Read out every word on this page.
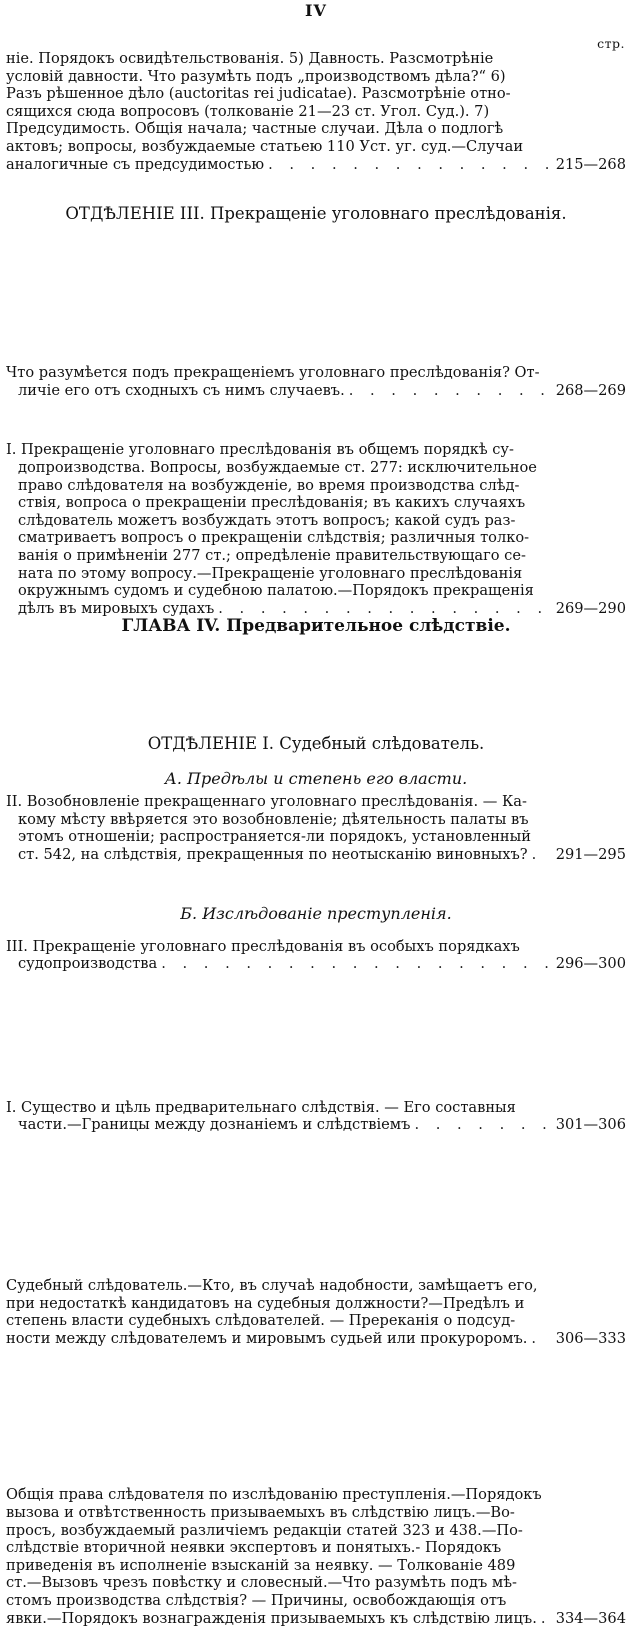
IV
стр.
ніе. Порядокъ освидѣтельствованія. 5) Давность. Разсмотрѣніе
условій давности. Что разумѣть подъ „производствомъ дѣла?“ 6)
Разъ рѣшенное дѣло (auctoritas rei judicatae). Разсмотрѣніе отно-
сящихся сюда вопросовъ (толкованіе 21—23 ст. Угол. Суд.). 7)
Предсудимость. Общія начала; частные случаи. Дѣла о подлогѣ
актовъ; вопросы, возбуждаемые статьею 110 Уст. уг. суд.—Случаи
аналогичные съ предсудимостью . . .	215—268
ОТДѢЛЕНІЕ III. Прекращеніе уголовнаго преслѣдованія.
Что разумѣется подъ прекращеніемъ уголовнаго преслѣдованія? От-
личіе его отъ сходныхъ съ нимъ случаевъ. . . .	268—269
I. Прекращеніе уголовнаго преслѣдованія въ общемъ порядкѣ су-
допроизводства. Вопросы, возбуждаемые ст. 277: исключительное
право слѣдователя на возбужденіе, во время производства слѣд-
ствія, вопроса о прекращеніи преслѣдованія; въ какихъ случаяхъ
слѣдователь можетъ возбуждать этотъ вопросъ; какой судъ раз-
сматриваетъ вопросъ о прекращеніи слѣдствія; различныя толко-
ванія о примѣненіи 277 ст.; опредѣленіе правительствующаго се-
ната по этому вопросу.—Прекращеніе уголовнаго преслѣдованія
окружнымъ судомъ и судебною палатою.—Порядокъ прекращенія
дѣлъ въ мировыхъ судахъ . . .	269—290
II. Возобновленіе прекращеннаго уголовнаго преслѣдованія. — Ка-
кому мѣсту ввѣряется это возобновленіе; дѣятельность палаты въ
этомъ отношеніи; распространяется-ли порядокъ, установленный
ст. 542, на слѣдствія, прекращенныя по неотысканію виновныхъ? . . . 291—295
III. Прекращеніе уголовнаго преслѣдованія въ особыхъ порядкахъ
судопроизводства . . .	296—300
ГЛАВА IV. Предварительное слѣдствіе.
I. Существо и цѣль предварительнаго слѣдствія. — Его составныя
части.—Границы между дознаніемъ и слѣдствіемъ . . .	301—306
ОТДѢЛЕНІЕ I. Судебный слѣдователь.
А. Предѣлы и степень его власти.
Судебный слѣдователь.—Кто, въ случаѣ надобности, замѣщаетъ его,
при недостаткѣ кандидатовъ на судебныя должности?—Предѣлъ и
степень власти судебныхъ слѣдователей. — Пререканія о подсуд-
ности между слѣдователемъ и мировымъ судьей или прокуроромъ. . . . 306—333
Б. Изслѣдованіе преступленія.
Общія права слѣдователя по изслѣдованію преступленія.—Порядокъ
вызова и отвѣтственность призываемыхъ въ слѣдствію лицъ.—Во-
просъ, возбуждаемый различіемъ редакціи статей 323 и 438.—По-
слѣдствіе вторичной неявки экспертовъ и понятыхъ.- Порядокъ
приведенія въ исполненіе взысканій за неявку. — Толкованіе 489
ст.—Вызовъ чрезъ повѣстку и словесный.—Что разумѣть подъ мѣ-
стомъ производства слѣдствія? — Причины, освобождающія отъ
явки.—Порядокъ вознагражденія призываемыхъ къ слѣдствію лицъ. . . . 334—364
